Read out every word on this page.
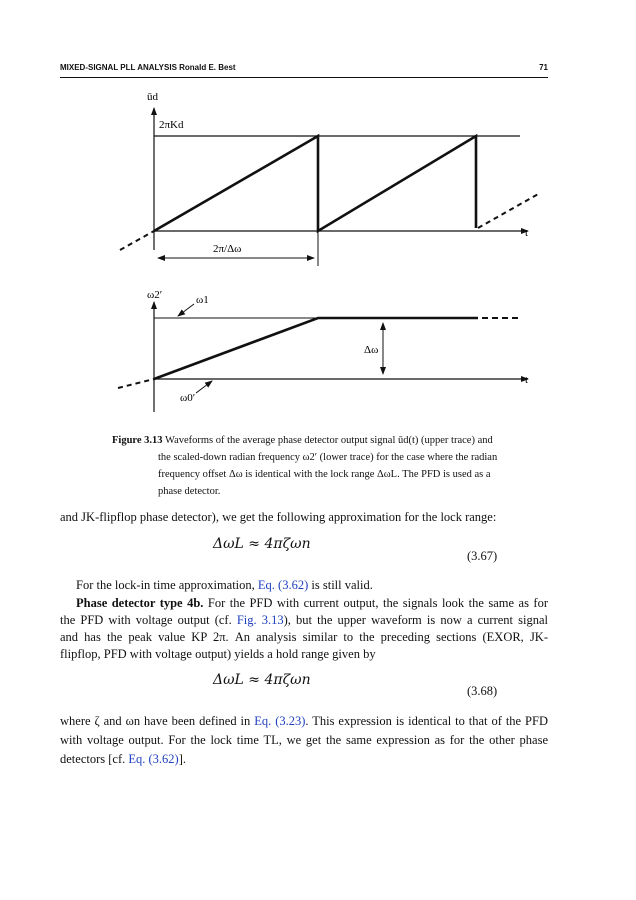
MIXED-SIGNAL PLL ANALYSIS Ronald E. Best	71
ūd
2πKd
2π/Δω
t
ω2′	ω1
ω0′
Δω
t
Figure 3.13 Waveforms of the average phase detector output signal ūd(t) (upper trace) and
the scaled-down radian frequency ω2′ (lower trace) for the case where the radian
frequency offset Δω is identical with the lock range ΔωL. The PFD is used as a
phase detector.
and JK-flipflop phase detector), we get the following approximation for the lock range:
ΔωL ≈ 4πζωn
(3.67)
For the lock-in time approximation, Eq. (3.62) is still valid.
Phase detector type 4b. For the PFD with current output, the signals look the same as for
the PFD with voltage output (cf. Fig. 3.13), but the upper waveform is now a current signal
and has the peak value KP 2π. An analysis similar to the preceding sections (EXOR, JK-
flipflop, PFD with voltage output) yields a hold range given by
ΔωL ≈ 4πζωn
(3.68)
where ζ and ωn have been defined in Eq. (3.23). This expression is identical to that of the PFD
with voltage output. For the lock time TL, we get the same expression as for the other phase
detectors [cf. Eq. (3.62)].
